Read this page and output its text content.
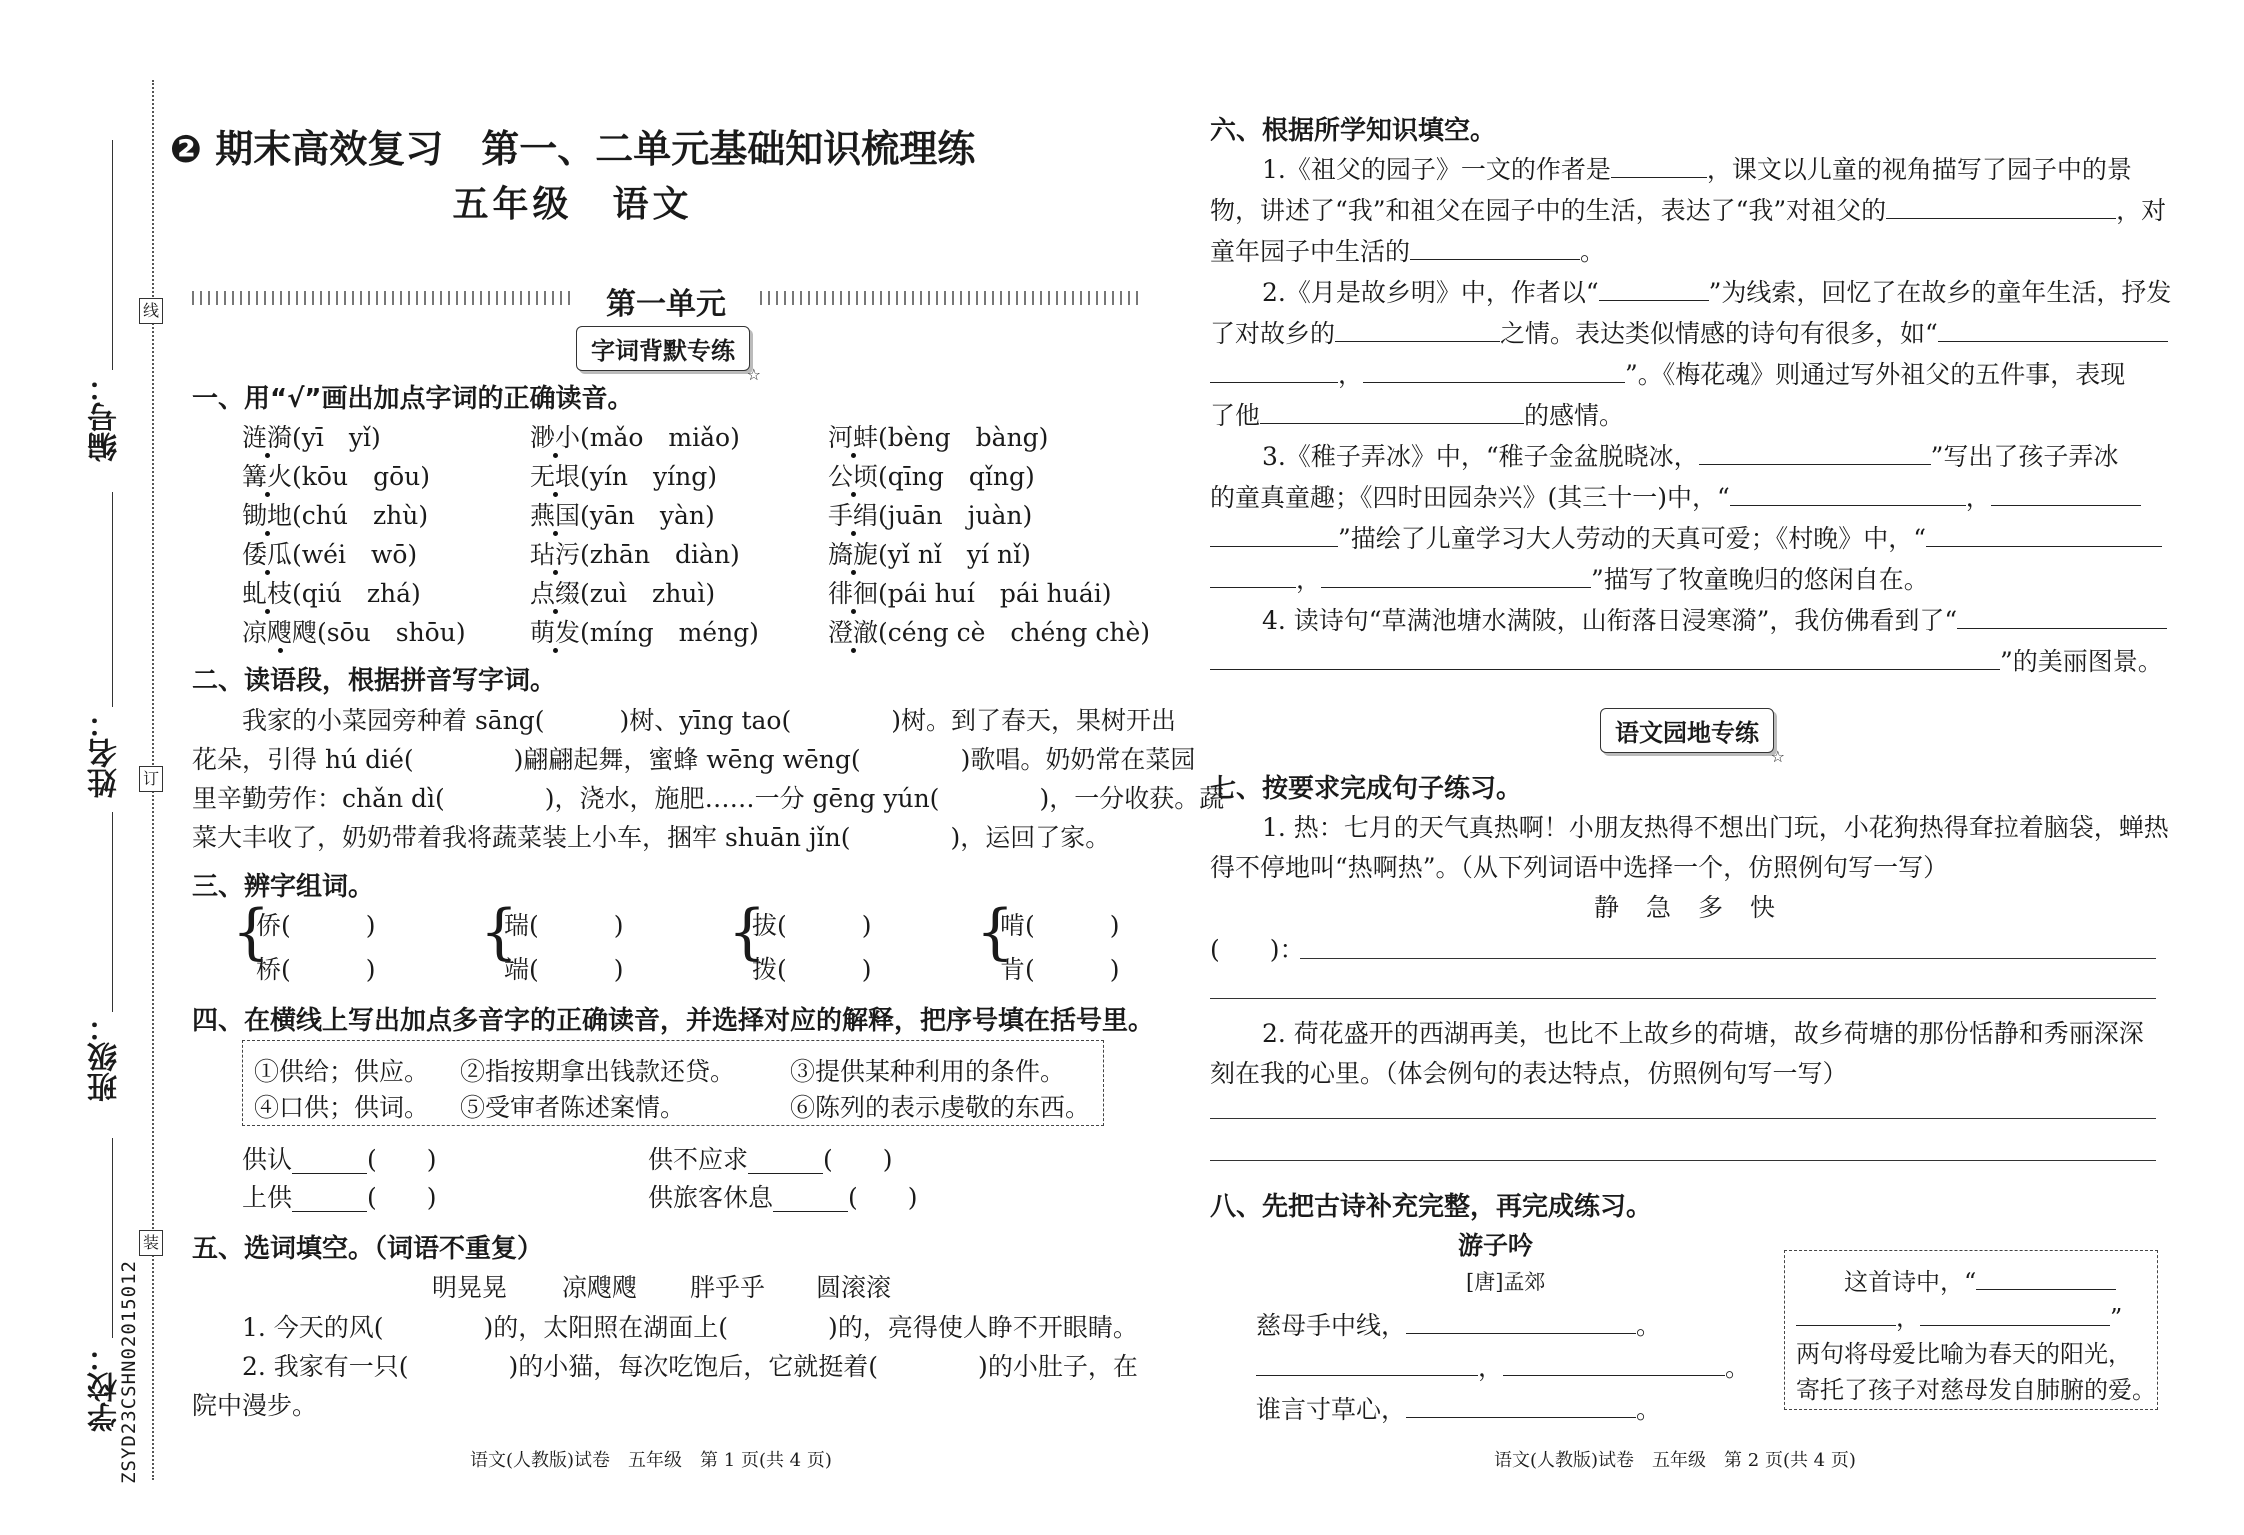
线
订
装
编号：
姓名：
班级：
学校：
ZSYD23CSHN02015012
❷ 期末高效复习　第一、二单元基础知识梳理练
五年级　语文
第一单元
字词背默专练
☆
一、用“√”画出加点字词的正确读音。
涟漪(yī　yǐ)	渺小(mǎo　miǎo)	河蚌(bèng　bàng)
篝火(kōu　gōu)	无垠(yín　yíng)	公顷(qīng　qǐng)
锄地(chú　zhù)	燕国(yān　yàn)	手绢(juān　juàn)
倭瓜(wéi　wō)	玷污(zhān　diàn)	旖旎(yǐ nǐ　yí nǐ)
虬枝(qiú　zhá)	点缀(zuì　zhuì)	徘徊(pái huí　pái huái)
凉飕飕(sōu　shōu)	萌发(míng　méng)	澄澈(céng cè　chéng chè)
二、读语段，根据拼音写字词。
我家的小菜园旁种着 sāng(　　　)树、yīng tao(　　　　)树。到了春天，果树开出
花朵，引得 hú dié(　　　　)翩翩起舞，蜜蜂 wēng wēng(　　　　)歌唱。奶奶常在菜园
里辛勤劳作：chǎn dì(　　　　)，浇水，施肥……一分 gēng yún(　　　　)，一分收获。蔬
菜大丰收了，奶奶带着我将蔬菜装上小车，捆牢 shuān jǐn(　　　　)，运回了家。
三、辨字组词。
{
侨(　　　)
桥(　　　)
{
瑞(　　　)
端(　　　)
{
拔(　　　)
拨(　　　)
{
啃(　　　)
肯(　　　)
四、在横线上写出加点多音字的正确读音，并选择对应的解释，把序号填在括号里。
①供给；供应。 ②指按期拿出钱款还贷。 ③提供某种利用的条件。
④口供；供词。 ⑤受审者陈述案情。	⑥陈列的表示虔敬的东西。
供认______(　　)	供不应求______(　　)
上供______(　　)	供旅客休息______(　　)
五、选词填空。（词语不重复）
明晃晃 凉飕飕 胖乎乎 圆滚滚
1. 今天的风(　　　　)的，太阳照在湖面上(　　　　)的，亮得使人睁不开眼睛。
2. 我家有一只(　　　　)的小猫，每次吃饱后，它就挺着(　　　　)的小肚子，在
院中漫步。
语文(人教版)试卷　五年级　第 1 页(共 4 页)
六、根据所学知识填空。
1.《祖父的园子》一文的作者是	，课文以儿童的视角描写了园子中的景
物，讲述了“我”和祖父在园子中的生活，表达了“我”对祖父的	，对
童年园子中生活的	。
2.《月是故乡明》中，作者以“	”为线索，回忆了在故乡的童年生活，抒发
了对故乡的	之情。表达类似情感的诗句有很多，如“
，	”。《梅花魂》则通过写外祖父的五件事，表现
了他	的感情。
3.《稚子弄冰》中，“稚子金盆脱晓冰，	”写出了孩子弄冰
的童真童趣；《四时田园杂兴》(其三十一)中，“	，
”描绘了儿童学习大人劳动的天真可爱；《村晚》中，“
，	”描写了牧童晚归的悠闲自在。
4. 读诗句“草满池塘水满陂，山衔落日浸寒漪”，我仿佛看到了“
”的美丽图景。
语文园地专练
☆
七、按要求完成句子练习。
1. 热：七月的天气真热啊！小朋友热得不想出门玩，小花狗热得耷拉着脑袋，蝉热
得不停地叫“热啊热”。（从下列词语中选择一个，仿照例句写一写）
静 急 多 快
(　　)：
2. 荷花盛开的西湖再美，也比不上故乡的荷塘，故乡荷塘的那份恬静和秀丽深深
刻在我的心里。（体会例句的表达特点，仿照例句写一写）
八、先把古诗补充完整，再完成练习。
游子吟
[唐]孟郊
慈母手中线，	。
，	。
谁言寸草心，	。
这首诗中，“
，	”
两句将母爱比喻为春天的阳光，
寄托了孩子对慈母发自肺腑的爱。
语文(人教版)试卷　五年级　第 2 页(共 4 页)
